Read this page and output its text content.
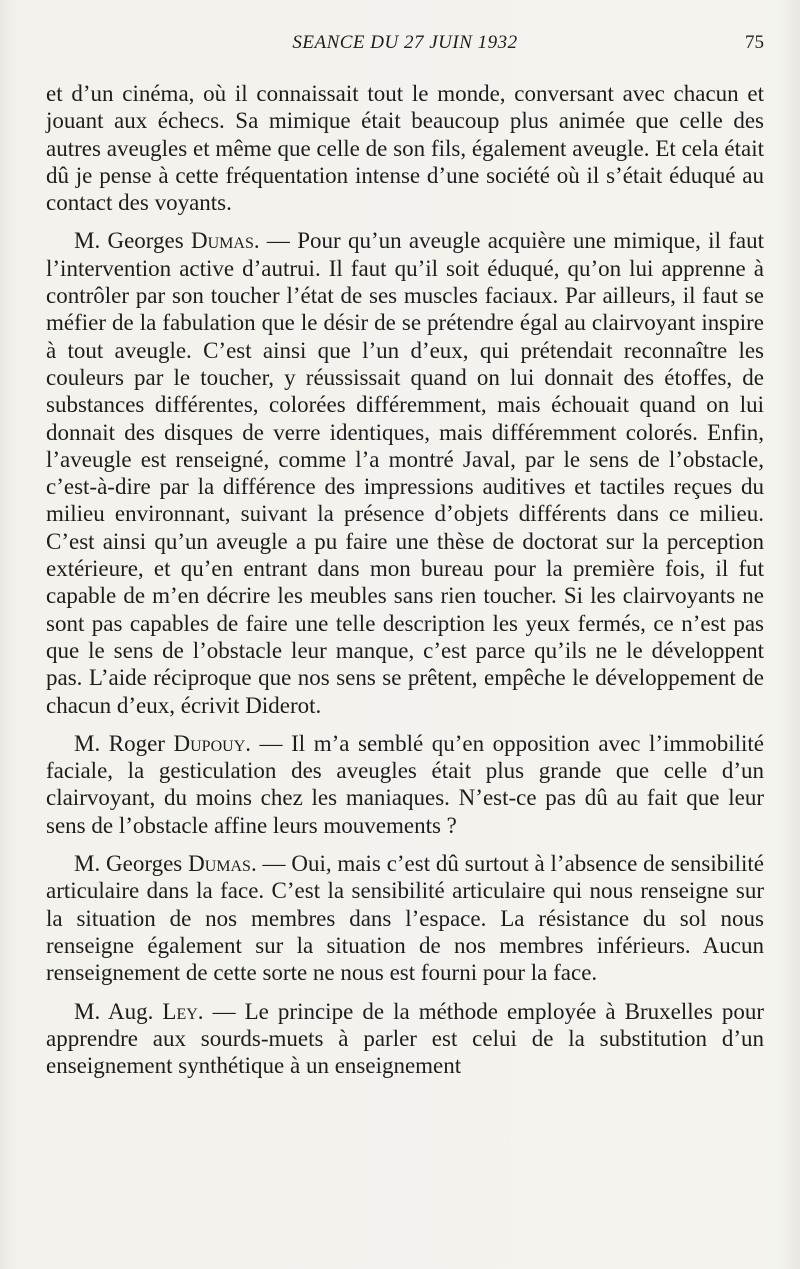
SEANCE DU 27 JUIN 1932	75

et d’un cinéma, où il connaissait tout le monde, conversant avec chacun et jouant aux échecs. Sa mimique était beaucoup plus animée que celle des autres aveugles et même que celle de son fils, également aveugle. Et cela était dû je pense à cette fréquentation intense d’une société où il s’était éduqué au contact des voyants.

M. Georges Dumas. — Pour qu’un aveugle acquière une mimique, il faut l’intervention active d’autrui. Il faut qu’il soit éduqué, qu’on lui apprenne à contrôler par son toucher l’état de ses muscles faciaux. Par ailleurs, il faut se méfier de la fabulation que le désir de se prétendre égal au clairvoyant inspire à tout aveugle. C’est ainsi que l’un d’eux, qui prétendait reconnaître les couleurs par le toucher, y réussissait quand on lui donnait des étoffes, de substances différentes, colorées différemment, mais échouait quand on lui donnait des disques de verre identiques, mais différemment colorés. Enfin, l’aveugle est renseigné, comme l’a montré Javal, par le sens de l’obstacle, c’est-à-dire par la différence des impressions auditives et tactiles reçues du milieu environnant, suivant la présence d’objets différents dans ce milieu. C’est ainsi qu’un aveugle a pu faire une thèse de doctorat sur la perception extérieure, et qu’en entrant dans mon bureau pour la première fois, il fut capable de m’en décrire les meubles sans rien toucher. Si les clairvoyants ne sont pas capables de faire une telle description les yeux fermés, ce n’est pas que le sens de l’obstacle leur manque, c’est parce qu’ils ne le développent pas. L’aide réciproque que nos sens se prêtent, empêche le développement de chacun d’eux, écrivit Diderot.

M. Roger Dupouy. — Il m’a semblé qu’en opposition avec l’immobilité faciale, la gesticulation des aveugles était plus grande que celle d’un clairvoyant, du moins chez les maniaques. N’est-ce pas dû au fait que leur sens de l’obstacle affine leurs mouvements ?

M. Georges Dumas. — Oui, mais c’est dû surtout à l’absence de sensibilité articulaire dans la face. C’est la sensibilité articulaire qui nous renseigne sur la situation de nos membres dans l’espace. La résistance du sol nous renseigne également sur la situation de nos membres inférieurs. Aucun renseignement de cette sorte ne nous est fourni pour la face.

M. Aug. Ley. — Le principe de la méthode employée à Bruxelles pour apprendre aux sourds-muets à parler est celui de la substitution d’un enseignement synthétique à un enseignement
